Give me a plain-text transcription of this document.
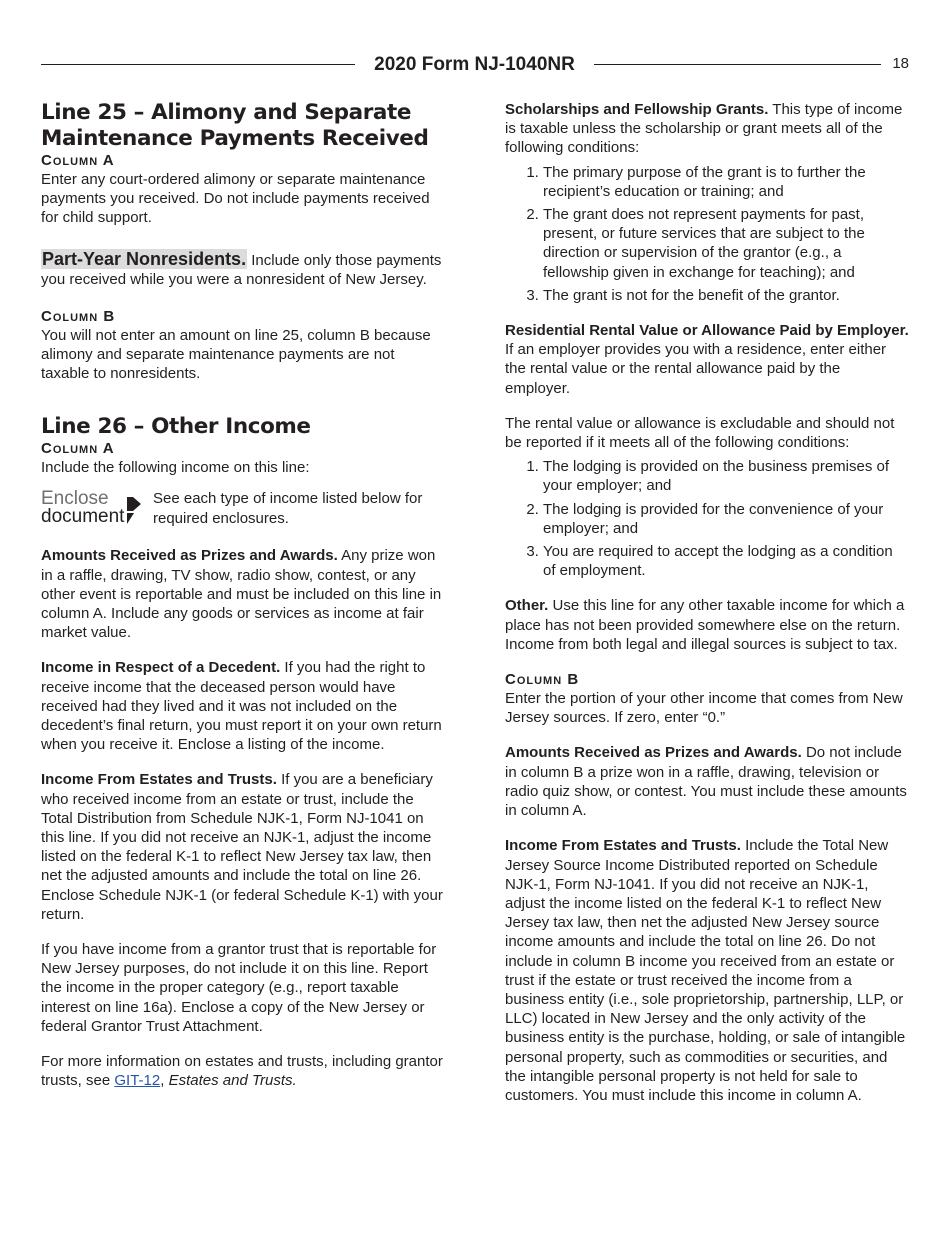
2020 Form NJ-1040NR	18
Line 25 – Alimony and Separate Maintenance Payments Received
Column A

Enter any court-ordered alimony or separate maintenance payments you received. Do not include payments received for child support.

Part-Year Nonresidents. Include only those payments you received while you were a nonresident of New Jersey.

Column B

You will not enter an amount on line 25, column B because alimony and separate maintenance payments are not taxable to nonresidents.

Line 26 – Other Income
Column A

Include the following income on this line:

Enclose
document
See each type of income listed below for required enclosures.

Amounts Received as Prizes and Awards. Any prize won in a raffle, drawing, TV show, radio show, contest, or any other event is reportable and must be included on this line in column A. Include any goods or services as income at fair market value.

Income in Respect of a Decedent. If you had the right to receive income that the deceased person would have received had they lived and it was not included on the decedent’s final return, you must report it on your own return when you receive it. Enclose a listing of the income.

Income From Estates and Trusts. If you are a beneficiary who received income from an estate or trust, include the Total Distribution from Schedule NJK-1, Form NJ-1041 on this line. If you did not receive an NJK-1, adjust the income listed on the federal K-1 to reflect New Jersey tax law, then net the adjusted amounts and include the total on line 26. Enclose Schedule NJK-1 (or federal Schedule K-1) with your return.

If you have income from a grantor trust that is reportable for New Jersey purposes, do not include it on this line. Report the income in the proper category (e.g., report taxable interest on line 16a). Enclose a copy of the New Jersey or federal Grantor Trust Attachment.

For more information on estates and trusts, including grantor trusts, see GIT-12, Estates and Trusts.

Scholarships and Fellowship Grants. This type of income is taxable unless the scholarship or grant meets all of the following conditions:

1. The primary purpose of the grant is to further the recipient’s education or training; and
2. The grant does not represent payments for past, present, or future services that are subject to the direction or supervision of the grantor (e.g., a fellowship given in exchange for teaching); and
3. The grant is not for the benefit of the grantor.

Residential Rental Value or Allowance Paid by Employer. If an employer provides you with a residence, enter either the rental value or the rental allowance paid by the employer.

The rental value or allowance is excludable and should not be reported if it meets all of the following conditions:

1. The lodging is provided on the business premises of your employer; and
2. The lodging is provided for the convenience of your employer; and
3. You are required to accept the lodging as a condition of employment.

Other. Use this line for any other taxable income for which a place has not been provided somewhere else on the return. Income from both legal and illegal sources is subject to tax.

Column B

Enter the portion of your other income that comes from New Jersey sources. If zero, enter “0.”

Amounts Received as Prizes and Awards. Do not include in column B a prize won in a raffle, drawing, television or radio quiz show, or contest. You must include these amounts in column A.

Income From Estates and Trusts. Include the Total New Jersey Source Income Distributed reported on Schedule NJK-1, Form NJ-1041. If you did not receive an NJK-1, adjust the income listed on the federal K-1 to reflect New Jersey tax law, then net the adjusted New Jersey source income amounts and include the total on line 26. Do not include in column B income you received from an estate or trust if the estate or trust received the income from a business entity (i.e., sole proprietorship, partnership, LLP, or LLC) located in New Jersey and the only activity of the business entity is the purchase, holding, or sale of intangible personal property, such as commodities or securities, and the intangible personal property is not held for sale to customers. You must include this income in column A.
